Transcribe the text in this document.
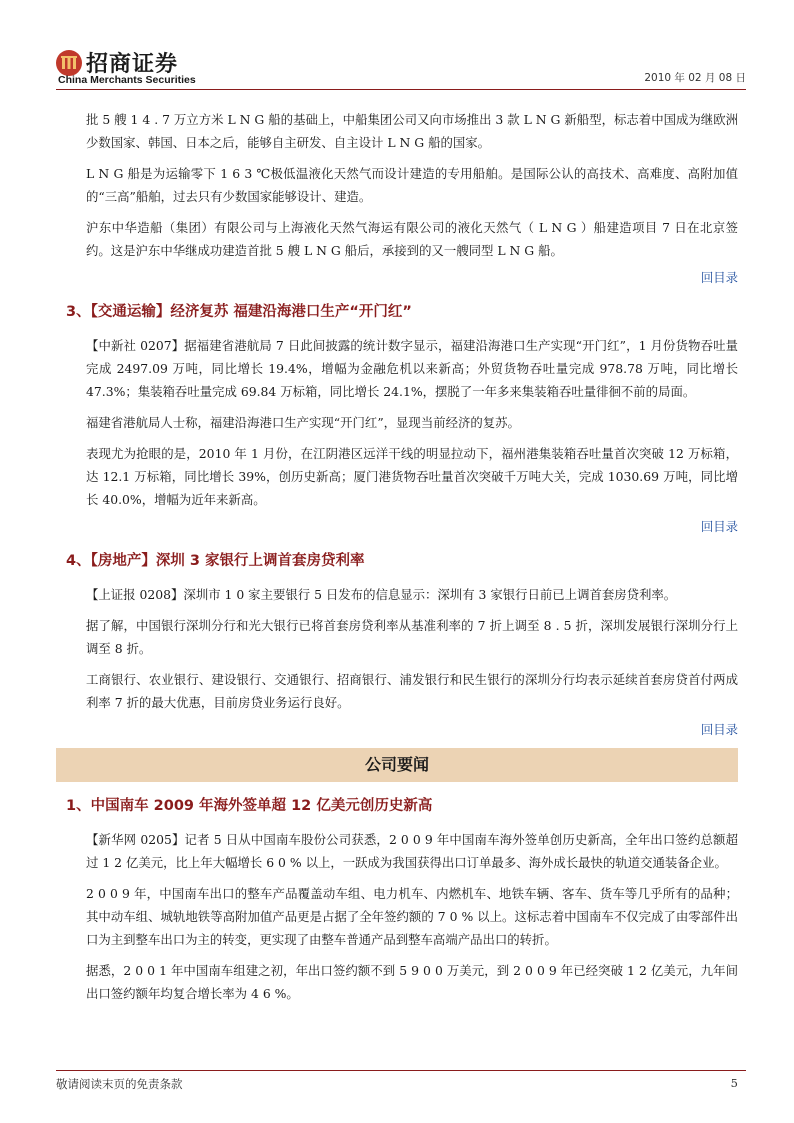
招商证券
China Merchants Securities	2010 年 02 月 08 日

批 5 艘 1 4 . 7 万立方米 L N G 船的基础上，中船集团公司又向市场推出 3 款 L N G 新船型，标志着中国成为继欧洲少数国家、韩国、日本之后，能够自主研发、自主设计 L N G 船的国家。

L N G 船是为运输零下 1 6 3 ℃极低温液化天然气而设计建造的专用船舶。是国际公认的高技术、高难度、高附加值的“三高”船舶，过去只有少数国家能够设计、建造。

沪东中华造船（集团）有限公司与上海液化天然气海运有限公司的液化天然气（ L N G ）船建造项目 7 日在北京签约。这是沪东中华继成功建造首批 5 艘 L N G 船后，承接到的又一艘同型 L N G 船。

回目录
3、【交通运输】经济复苏 福建沿海港口生产“开门红”

【中新社 0207】据福建省港航局 7 日此间披露的统计数字显示，福建沿海港口生产实现“开门红”，1 月份货物吞吐量完成 2497.09 万吨，同比增长 19.4%，增幅为金融危机以来新高；外贸货物吞吐量完成 978.78 万吨，同比增长 47.3%；集装箱吞吐量完成 69.84 万标箱，同比增长 24.1%，摆脱了一年多来集装箱吞吐量徘徊不前的局面。

福建省港航局人士称，福建沿海港口生产实现“开门红”，显现当前经济的复苏。

表现尤为抢眼的是，2010 年 1 月份，在江阴港区远洋干线的明显拉动下，福州港集装箱吞吐量首次突破 12 万标箱，达 12.1 万标箱，同比增长 39%，创历史新高；厦门港货物吞吐量首次突破千万吨大关，完成 1030.69 万吨，同比增长 40.0%，增幅为近年来新高。

回目录
4、【房地产】深圳 3 家银行上调首套房贷利率

【上证报 0208】深圳市 1 0 家主要银行 5 日发布的信息显示：深圳有 3 家银行日前已上调首套房贷利率。

据了解，中国银行深圳分行和光大银行已将首套房贷利率从基准利率的 7 折上调至 8 . 5 折，深圳发展银行深圳分行上调至 8 折。

工商银行、农业银行、建设银行、交通银行、招商银行、浦发银行和民生银行的深圳分行均表示延续首套房贷首付两成利率 7 折的最大优惠，目前房贷业务运行良好。

回目录
公司要闻
1、中国南车 2009 年海外签单超 12 亿美元创历史新高

【新华网 0205】记者 5 日从中国南车股份公司获悉，2 0 0 9 年中国南车海外签单创历史新高，全年出口签约总额超过 1 2 亿美元，比上年大幅增长 6 0 % 以上，一跃成为我国获得出口订单最多、海外成长最快的轨道交通装备企业。

2 0 0 9 年，中国南车出口的整车产品覆盖动车组、电力机车、内燃机车、地铁车辆、客车、货车等几乎所有的品种；其中动车组、城轨地铁等高附加值产品更是占据了全年签约额的 7 0 % 以上。这标志着中国南车不仅完成了由零部件出口为主到整车出口为主的转变，更实现了由整车普通产品到整车高端产品出口的转折。

据悉，2 0 0 1 年中国南车组建之初，年出口签约额不到 5 9 0 0 万美元，到 2 0 0 9 年已经突破 1 2 亿美元，九年间出口签约额年均复合增长率为 4 6 %。

敬请阅读末页的免责条款	5
